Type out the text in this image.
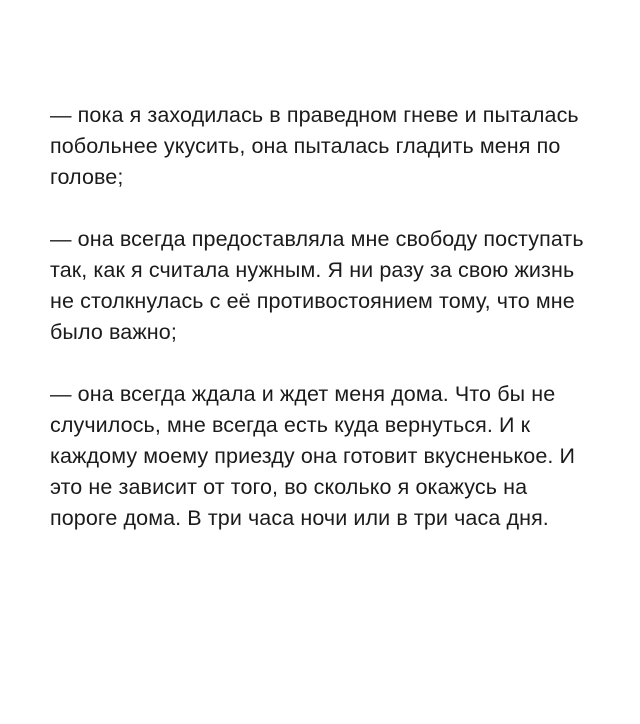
— пока я заходилась в праведном гневе и пыталась побольнее укусить, она пыталась гладить меня по голове;

— она всегда предоставляла мне свободу поступать так, как я считала нужным. Я ни разу за свою жизнь не столкнулась с её противостоянием тому, что мне было важно;

— она всегда ждала и ждет меня дома. Что бы не случилось, мне всегда есть куда вернуться. И к каждому моему приезду она готовит вкусненькое. И это не зависит от того, во сколько я окажусь на пороге дома. В три часа ночи или в три часа дня.
